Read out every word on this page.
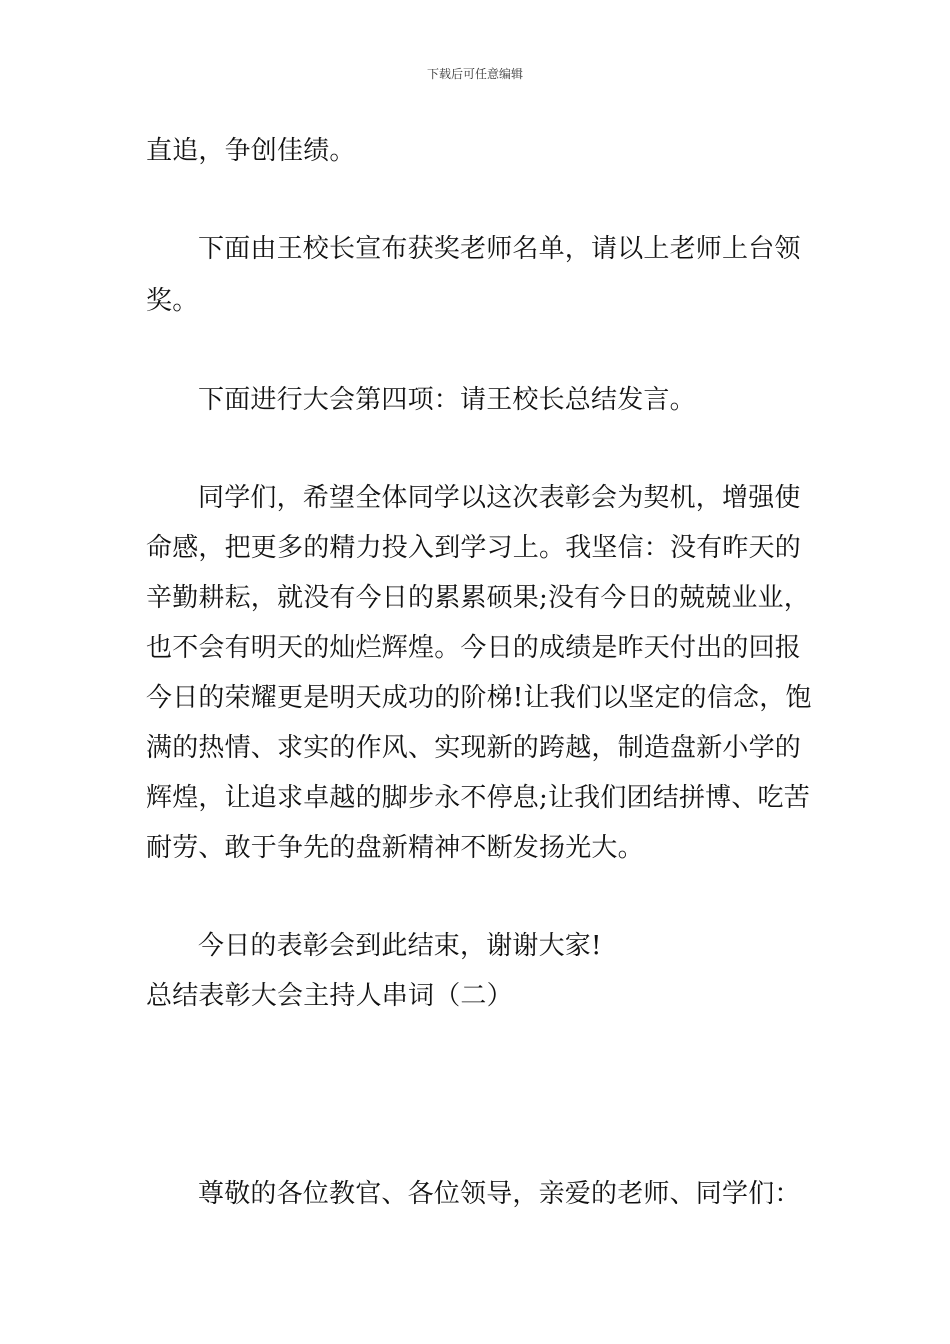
下载后可任意编辑
直追，争创佳绩。
下面由王校长宣布获奖老师名单，请以上老师上台领
奖。
下面进行大会第四项：请王校长总结发言。
同学们，希望全体同学以这次表彰会为契机，增强使
命感，把更多的精力投入到学习上。我坚信：没有昨天的
辛勤耕耘，就没有今日的累累硕果;没有今日的兢兢业业，
也不会有明天的灿烂辉煌。今日的成绩是昨天付出的回报
今日的荣耀更是明天成功的阶梯!让我们以坚定的信念，饱
满的热情、求实的作风、实现新的跨越，制造盘新小学的
辉煌，让追求卓越的脚步永不停息;让我们团结拼博、吃苦
耐劳、敢于争先的盘新精神不断发扬光大。
今日的表彰会到此结束，谢谢大家!
总结表彰大会主持人串词（二）
尊敬的各位教官、各位领导，亲爱的老师、同学们：
